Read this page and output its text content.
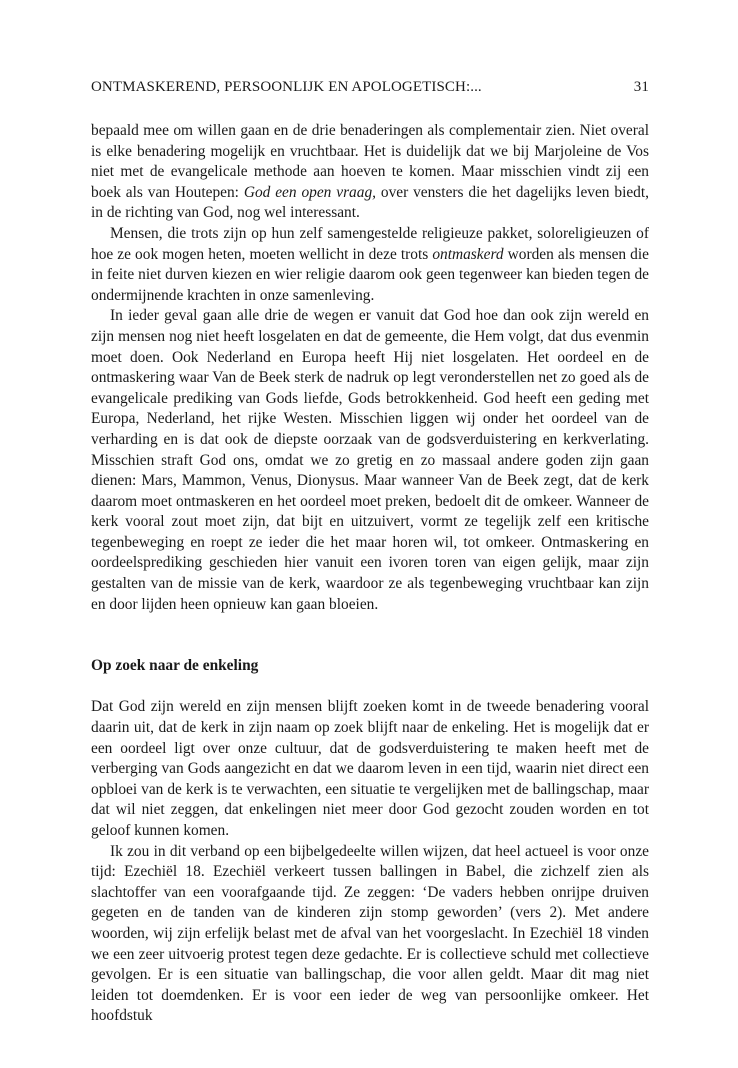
ONTMASKEREND, PERSOONLIJK EN APOLOGETISCH:...	31

bepaald mee om willen gaan en de drie benaderingen als complementair zien. Niet overal is elke benadering mogelijk en vruchtbaar. Het is duidelijk dat we bij Marjoleine de Vos niet met de evangelicale methode aan hoeven te komen. Maar misschien vindt zij een boek als van Houtepen: God een open vraag, over vensters die het dagelijks leven biedt, in de richting van God, nog wel interessant.

Mensen, die trots zijn op hun zelf samengestelde religieuze pakket, soloreligieuzen of hoe ze ook mogen heten, moeten wellicht in deze trots ontmaskerd worden als mensen die in feite niet durven kiezen en wier religie daarom ook geen tegenweer kan bieden tegen de ondermijnende krachten in onze samenleving.

In ieder geval gaan alle drie de wegen er vanuit dat God hoe dan ook zijn wereld en zijn mensen nog niet heeft losgelaten en dat de gemeente, die Hem volgt, dat dus evenmin moet doen. Ook Nederland en Europa heeft Hij niet losgelaten. Het oordeel en de ontmaskering waar Van de Beek sterk de nadruk op legt veronderstellen net zo goed als de evangelicale prediking van Gods liefde, Gods betrokkenheid. God heeft een geding met Europa, Nederland, het rijke Westen. Misschien liggen wij onder het oordeel van de verharding en is dat ook de diepste oorzaak van de godsverduistering en kerkverlating. Misschien straft God ons, omdat we zo gretig en zo massaal andere goden zijn gaan dienen: Mars, Mammon, Venus, Dionysus. Maar wanneer Van de Beek zegt, dat de kerk daarom moet ontmaskeren en het oordeel moet preken, bedoelt dit de omkeer. Wanneer de kerk vooral zout moet zijn, dat bijt en uitzuivert, vormt ze tegelijk zelf een kritische tegenbeweging en roept ze ieder die het maar horen wil, tot omkeer. Ontmaskering en oordeelsprediking geschieden hier vanuit een ivoren toren van eigen gelijk, maar zijn gestalten van de missie van de kerk, waardoor ze als tegenbeweging vruchtbaar kan zijn en door lijden heen opnieuw kan gaan bloeien.

Op zoek naar de enkeling

Dat God zijn wereld en zijn mensen blijft zoeken komt in de tweede benadering vooral daarin uit, dat de kerk in zijn naam op zoek blijft naar de enkeling. Het is mogelijk dat er een oordeel ligt over onze cultuur, dat de godsverduistering te maken heeft met de verberging van Gods aangezicht en dat we daarom leven in een tijd, waarin niet direct een opbloei van de kerk is te verwachten, een situatie te vergelijken met de ballingschap, maar dat wil niet zeggen, dat enkelingen niet meer door God gezocht zouden worden en tot geloof kunnen komen.

Ik zou in dit verband op een bijbelgedeelte willen wijzen, dat heel actueel is voor onze tijd: Ezechiël 18. Ezechiël verkeert tussen ballingen in Babel, die zichzelf zien als slachtoffer van een voorafgaande tijd. Ze zeggen: ‘De vaders hebben onrijpe druiven gegeten en de tanden van de kinderen zijn stomp geworden’ (vers 2). Met andere woorden, wij zijn erfelijk belast met de afval van het voorgeslacht. In Ezechiël 18 vinden we een zeer uitvoerig protest tegen deze gedachte. Er is collectieve schuld met collectieve gevolgen. Er is een situatie van ballingschap, die voor allen geldt. Maar dit mag niet leiden tot doemdenken. Er is voor een ieder de weg van persoonlijke omkeer. Het hoofdstuk
